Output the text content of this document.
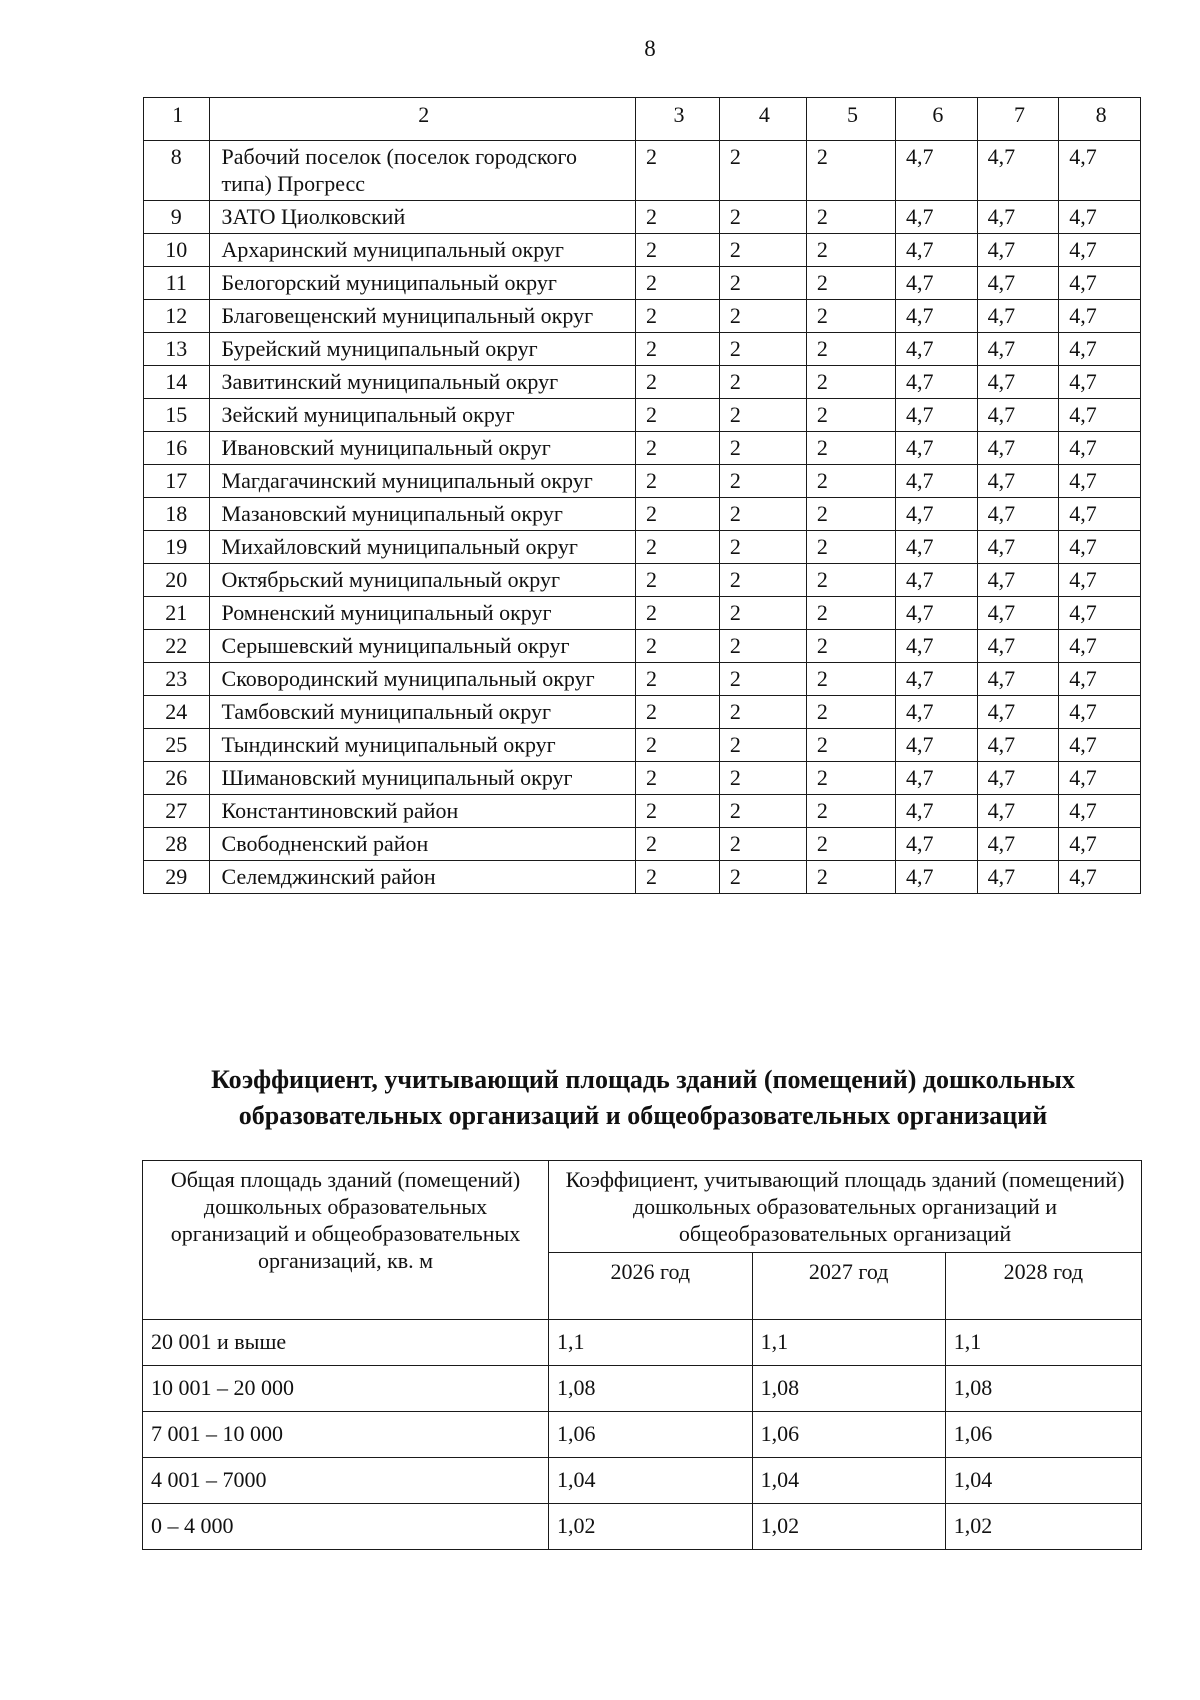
8
1	2	3	4	5	6	7	8
8	Рабочий поселок (поселок городского типа) Прогресс	2	2	2	4,7	4,7	4,7
9	ЗАТО Циолковский	2	2	2	4,7	4,7	4,7
10	Архаринский муниципальный округ	2	2	2	4,7	4,7	4,7
11	Белогорский муниципальный округ	2	2	2	4,7	4,7	4,7
12	Благовещенский муниципальный округ	2	2	2	4,7	4,7	4,7
13	Бурейский муниципальный округ	2	2	2	4,7	4,7	4,7
14	Завитинский муниципальный округ	2	2	2	4,7	4,7	4,7
15	Зейский муниципальный округ	2	2	2	4,7	4,7	4,7
16	Ивановский муниципальный округ	2	2	2	4,7	4,7	4,7
17	Магдагачинский муниципальный округ	2	2	2	4,7	4,7	4,7
18	Мазановский муниципальный округ	2	2	2	4,7	4,7	4,7
19	Михайловский муниципальный округ	2	2	2	4,7	4,7	4,7
20	Октябрьский муниципальный округ	2	2	2	4,7	4,7	4,7
21	Ромненский муниципальный округ	2	2	2	4,7	4,7	4,7
22	Серышевский муниципальный округ	2	2	2	4,7	4,7	4,7
23	Сковородинский муниципальный округ	2	2	2	4,7	4,7	4,7
24	Тамбовский муниципальный округ	2	2	2	4,7	4,7	4,7
25	Тындинский муниципальный округ	2	2	2	4,7	4,7	4,7
26	Шимановский муниципальный округ	2	2	2	4,7	4,7	4,7
27	Константиновский район	2	2	2	4,7	4,7	4,7
28	Свободненский район	2	2	2	4,7	4,7	4,7
29	Селемджинский район	2	2	2	4,7	4,7	4,7
Коэффициент, учитывающий площадь зданий (помещений) дошкольных образовательных организаций и общеобразовательных организаций
Общая площадь зданий (помещений) дошкольных образовательных организаций и общеобразовательных организаций, кв. м	Коэффициент, учитывающий площадь зданий (помещений) дошкольных образовательных организаций и общеобразовательных организаций		
	2026 год	2027 год	2028 год
20 001 и выше	1,1	1,1	1,1
10 001 – 20 000	1,08	1,08	1,08
7 001 – 10 000	1,06	1,06	1,06
4 001 – 7000	1,04	1,04	1,04
0 – 4 000	1,02	1,02	1,02
